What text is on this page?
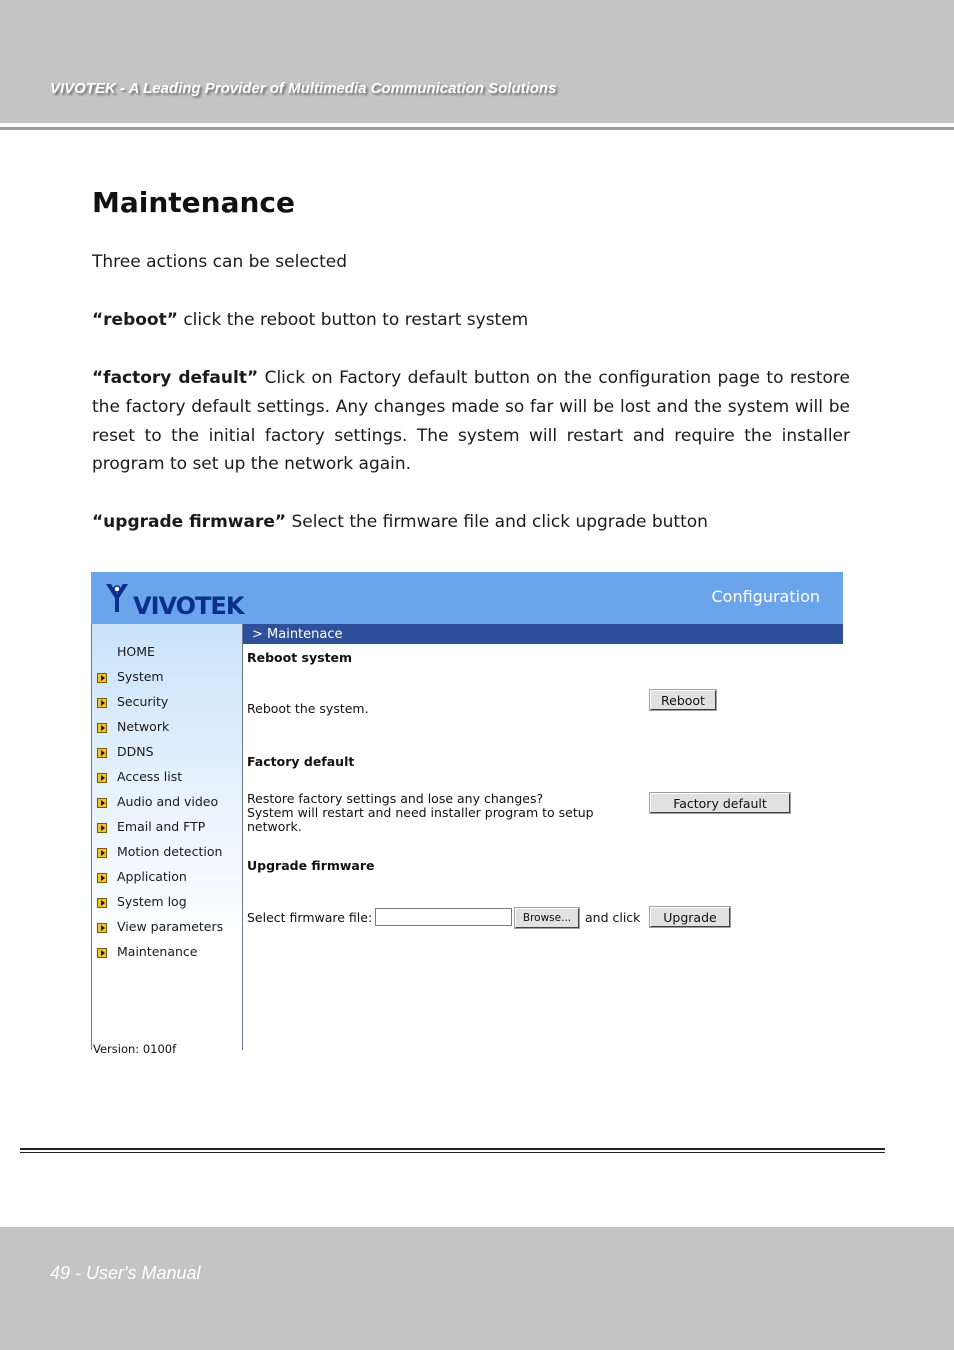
VIVOTEK - A Leading Provider of Multimedia Communication Solutions
Maintenance

Three actions can be selected

“reboot” click the reboot button to restart system

“factory default” Click on Factory default button on the configuration page to restore the factory default settings. Any changes made so far will be lost and the system will be reset to the initial factory settings. The system will restart and require the installer program to set up the network again.

“upgrade firmware” Select the firmware file and click upgrade button

VIVOTEK	Configuration
HOME
System
Security
Network
DDNS
Access list
Audio and video
Email and FTP
Motion detection
Application
System log
View parameters
Maintenance
Version: 0100f
> Maintenace
Reboot system
Reboot the system.
Reboot
Factory default
Restore factory settings and lose any changes?
System will restart and need installer program to setup
network.
Factory default
Upgrade firmware
Select firmware file:	Browse...	and click	Upgrade
49 - User's Manual
